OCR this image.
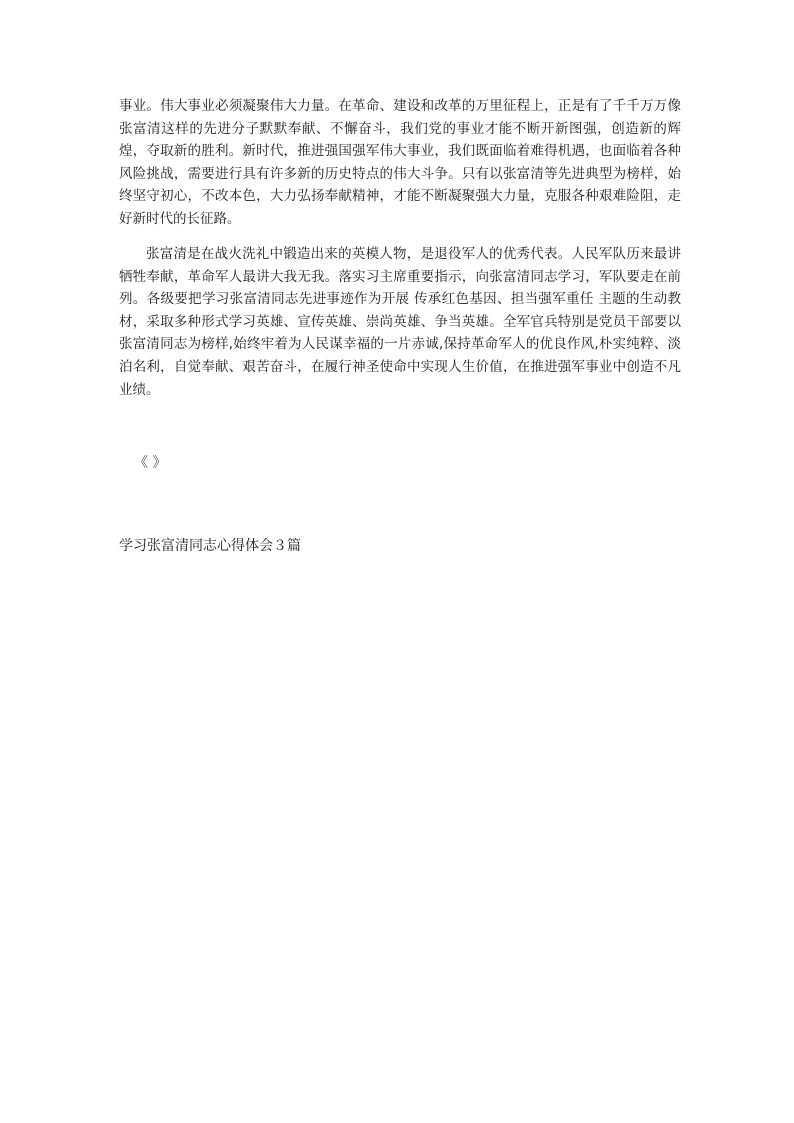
事业。伟大事业必须凝聚伟大力量。在革命、建设和改革的万里征程上，正是有了千千万万像张富清这样的先进分子默默奉献、不懈奋斗，我们党的事业才能不断开新图强，创造新的辉煌，夺取新的胜利。新时代，推进强国强军伟大事业，我们既面临着难得机遇，也面临着各种风险挑战，需要进行具有许多新的历史特点的伟大斗争。只有以张富清等先进典型为榜样，始终坚守初心，不改本色，大力弘扬奉献精神，才能不断凝聚强大力量，克服各种艰难险阻，走好新时代的长征路。

张富清是在战火洗礼中锻造出来的英模人物，是退役军人的优秀代表。人民军队历来最讲牺牲奉献，革命军人最讲大我无我。落实习主席重要指示，向张富清同志学习，军队要走在前列。各级要把学习张富清同志先进事迹作为开展 传承红色基因、担当强军重任 主题的生动教材，采取多种形式学习英雄、宣传英雄、崇尚英雄、争当英雄。全军官兵特别是党员干部要以张富清同志为榜样,始终牢着为人民谋幸福的一片赤诚,保持革命军人的优良作风,朴实纯粹、淡泊名利，自觉奉献、艰苦奋斗，在履行神圣使命中实现人生价值，在推进强军事业中创造不凡业绩。

《 》
学习张富清同志心得体会３篇
